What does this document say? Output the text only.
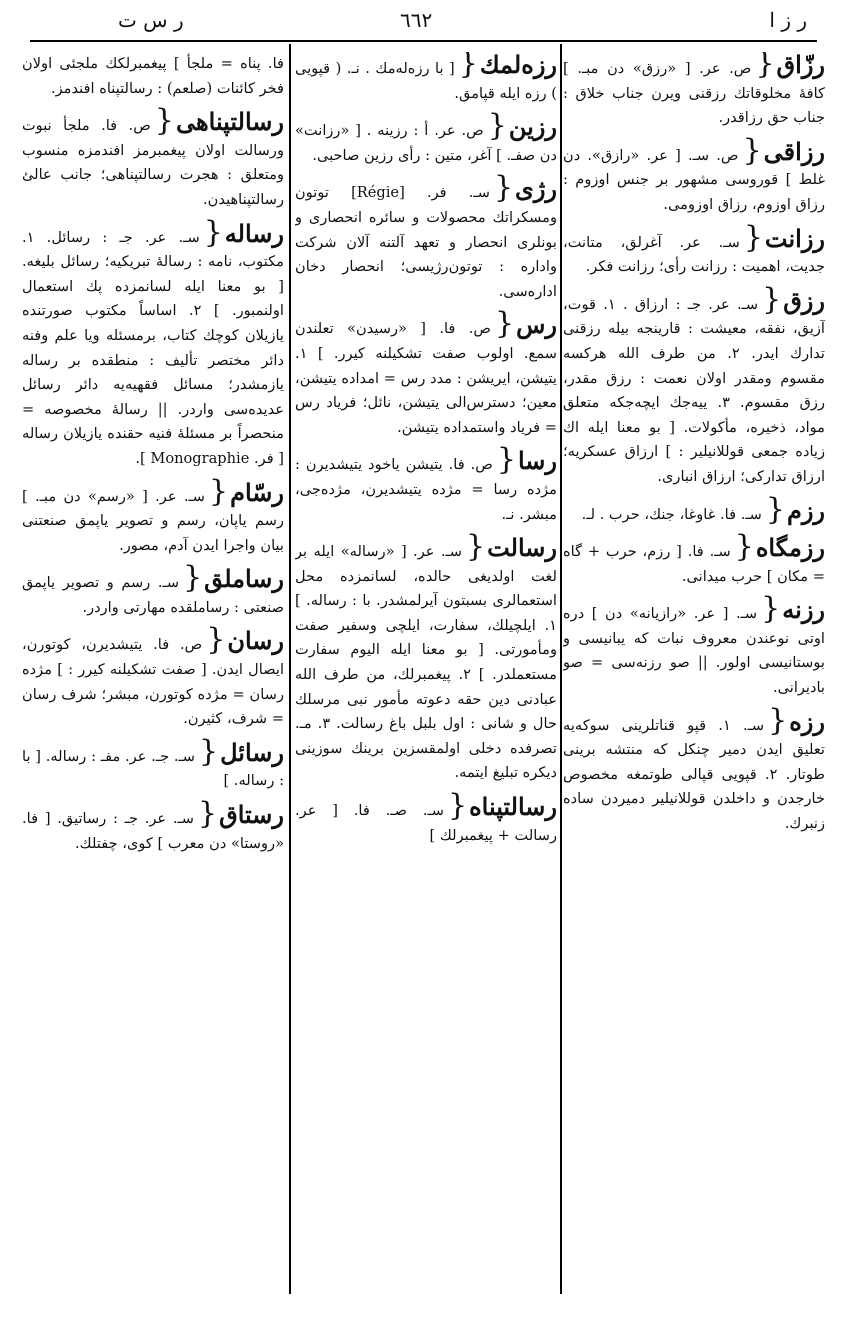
ر س ت	٦٦٢	ر ز ا

رزّاق {ص. عر. [ «رزق» دن مبـ. ] كافهٔ مخلوقاتك رزقنى ويرن جناب خلاق : جناب حق رزاقدر.

رزاقى {ص. سـ. [ عر. «رازق». دن غلط ] قوروسى مشهور بر جنس اوزوم : رزاق اوزوم، رزاق اوزومى.

رزانت {سـ. عر. آغرلق، متانت، جديت، اهميت : رزانت رأى؛ رزانت فكر.

رزق {سـ. عر. جـ : ارزاق . ١. قوت، آزيق، نفقه، معيشت : قارينجه بيله رزقنى تدارك ايدر. ٢. من طرف الله هركسه مقسوم ومقدر اولان نعمت : رزق مقدر، رزق مقسوم. ٣. ييه‌جك ايچه‌جكه متعلق مواد، ذخيره، مأكولات. [ بو معنا ايله اك زياده جمعى قوللانيلير : ] ارزاق عسكريه؛ ارزاق تداركى؛ ارزاق انبارى.

رزم {سـ. فا. غاوغا، جنك، حرب . لـ.

رزمگاه {سـ. فا. [ رزم، حرب + گاه = مكان ] حرب ميدانى.

رزنه {سـ. [ عر. «رازيانه» دن ] دره اوتى نوعندن معروف نبات كه يبانيسى و بوستانيسى اولور. || صو رزنه‌سى = صو باديرانى.

رزه {سـ. ١. قپو قناتلرينى سوكه‌يه تعليق ايدن دمير چنكل كه منتشه برينى طوتار. ٢. قپويى قپالى طوتمغه مخصوص خارجدن و داخلدن قوللانيلير دميردن ساده زنبرك.

رزه‌لمك {[ با رزه‌له‌مك . نـ. ( قپويى ) رزه ايله قپامق.

رزين {ص. عر. أ : رزينه . [ «رزانت» دن صفـ. ] آغر، متين : رأى رزين صاحبى.

رژى {سـ. فر. [Régie] توتون ومسكراتك محصولات و سائره انحصارى و بونلرى انحصار و تعهد آلتنه آلان شركت واداره : توتون‌رژيسى؛ انحصار دخان اداره‌سى.

رس {ص. فا. [ «رسيدن» تعلندن سمع. اولوب صفت تشكيلنه كيرر. ] ١. يتيشن، ايريشن : مدد رس = امداده يتيشن، معين؛ دسترس‌الى يتيشن، نائل؛ فرياد رس = فرياد واستمداده يتيشن.

رسا {ص. فا. يتيشن ياخود يتيشديرن : مژده رسا = مژده يتيشديرن، مژده‌جى، مبشر. نـ.

رسالت {سـ. عر. [ «رساله» ايله بر لغت اولديغى حالده، لسانمزده محل استعمالرى بسبتون آيرلمشدر. با : رساله. ] ١. ايلچيلك، سفارت، ايلچى وسفير صفت ومأمورتى. [ بو معنا ايله اليوم سفارت مستعملدر. ] ٢. پيغمبرلك، من طرف الله عبادنى دين حقه دعوته مأمور نبى مرسلك حال و شانى : اول بلبل باغ رسالت. ٣. مـ. تصرفده دخلى اولمقسزين برينك سوزينى ديكره تبليغ ايتمه.

رسالتپناه {سـ. صـ. فا. [ عر. رسالت + پيغمبرلك ]

فا. پناه = ملجأ ] پيغمبرلكك ملجئى اولان فخر كائنات (صلعم) : رسالتپناه افندمز.

رسالتپناهى {ص. فا. ملجأ نبوت ورسالت اولان پيغمبرمز افندمزه منسوب ومتعلق : هجرت رسالتپناهى؛ جانب عالئ رسالتپناهيدن.

رساله {سـ. عر. جـ : رسائل. ١. مكتوب، نامه : رسالهٔ تبريكيه؛ رسائل بليغه. [ بو معنا ايله لسانمزده پك استعمال اولنمبور. ] ٢. اساساً مكتوب صورتنده يازيلان كوچك كتاب، برمسئله ويا علم وفنه دائر مختصر تأليف : منطقده بر رساله يازمشدر؛ مسائل فقهيه‌يه دائر رسائل عديده‌سى واردر. || رسالهٔ مخصوصه = منحصراً بر مسئلهٔ فنيه حقنده يازيلان رساله [ فر. Monographie ].

رسّام {سـ. عر. [ «رسم» دن مبـ. ] رسم ياپان، رسم و تصوير ياپمق صنعتنى بيان واجرا ايدن آدم، مصور.

رساملق {سـ. رسم و تصوير ياپمق صنعتى : رساملقده مهارتى واردر.

رسان {ص. فا. يتيشديرن، كوتورن، ايصال ايدن. [ صفت تشكيلنه كيرر : ] مژده رسان = مژده كوتورن، مبشر؛ شرف رسان = شرف، كثيرن.

رسائل {سـ. جـ. عر. مفـ : رساله. [ با : رساله. ]

رستاق {سـ. عر. جـ : رساتيق. [ فا. «روستا» دن معرب ] كوى، چفتلك.
